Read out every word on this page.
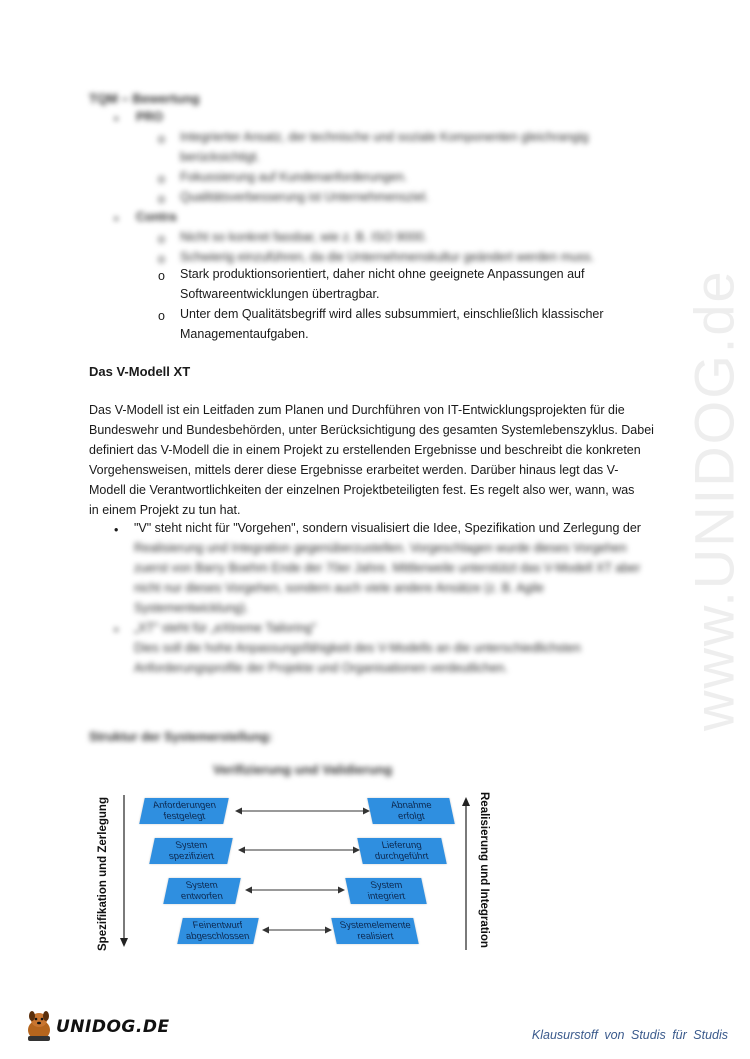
www.UNIDOG.de
TQM – Bewertung
• PRO
o Integrierter Ansatz, der technische und soziale Komponenten gleichrangig berücksichtigt.
o Fokussierung auf Kundenanforderungen.
o Qualitätsverbesserung ist Unternehmensziel.
• Contra
o Nicht so konkret fassbar, wie z. B. ISO 9000.
o Schwierig einzuführen, da die Unternehmenskultur geändert werden muss.
o Stark produktionsorientiert, daher nicht ohne geeignete Anpassungen auf
Softwareentwicklungen übertragbar.
o Unter dem Qualitätsbegriff wird alles subsummiert, einschließlich klassischer
Managementaufgaben.
Das V-Modell XT
Das V-Modell ist ein Leitfaden zum Planen und Durchführen von IT-Entwicklungsprojekten für die
Bundeswehr und Bundesbehörden, unter Berücksichtigung des gesamten Systemlebenszyklus. Dabei
definiert das V-Modell die in einem Projekt zu erstellenden Ergebnisse und beschreibt die konkreten
Vorgehensweisen, mittels derer diese Ergebnisse erarbeitet werden. Darüber hinaus legt das V-
Modell die Verantwortlichkeiten der einzelnen Projektbeteiligten fest. Es regelt also wer, wann, was
in einem Projekt zu tun hat.
• "V" steht nicht für "Vorgehen", sondern visualisiert die Idee, Spezifikation und Zerlegung der
Realisierung und Integration gegenüberzustellen. Vorgeschlagen wurde dieses Vorgehen
zuerst von Barry Boehm Ende der 70er Jahre. Mittlerweile unterstützt das V-Modell XT aber
nicht nur dieses Vorgehen, sondern auch viele andere Ansätze (z. B. Agile
Systementwicklung).
• „XT" steht für „eXtreme Tailoring"
Dies soll die hohe Anpassungsfähigkeit des V-Modells an die unterschiedlichsten
Anforderungsprofile der Projekte und Organisationen verdeutlichen.
Struktur der Systemerstellung:
Verifizierung und Validierung
Spezifikation und Zerlegung	Realisierung und Integration
Anforderungen
festgelegt
System
spezifiziert
System
entworfen
Feinentwurf
abgeschlossen
Abnahme
erfolgt
Lieferung
durchgeführt
System
integriert
Systemelemente
realisiert
UNIDOG.DE	Klausurstoff von Studis für Studis
